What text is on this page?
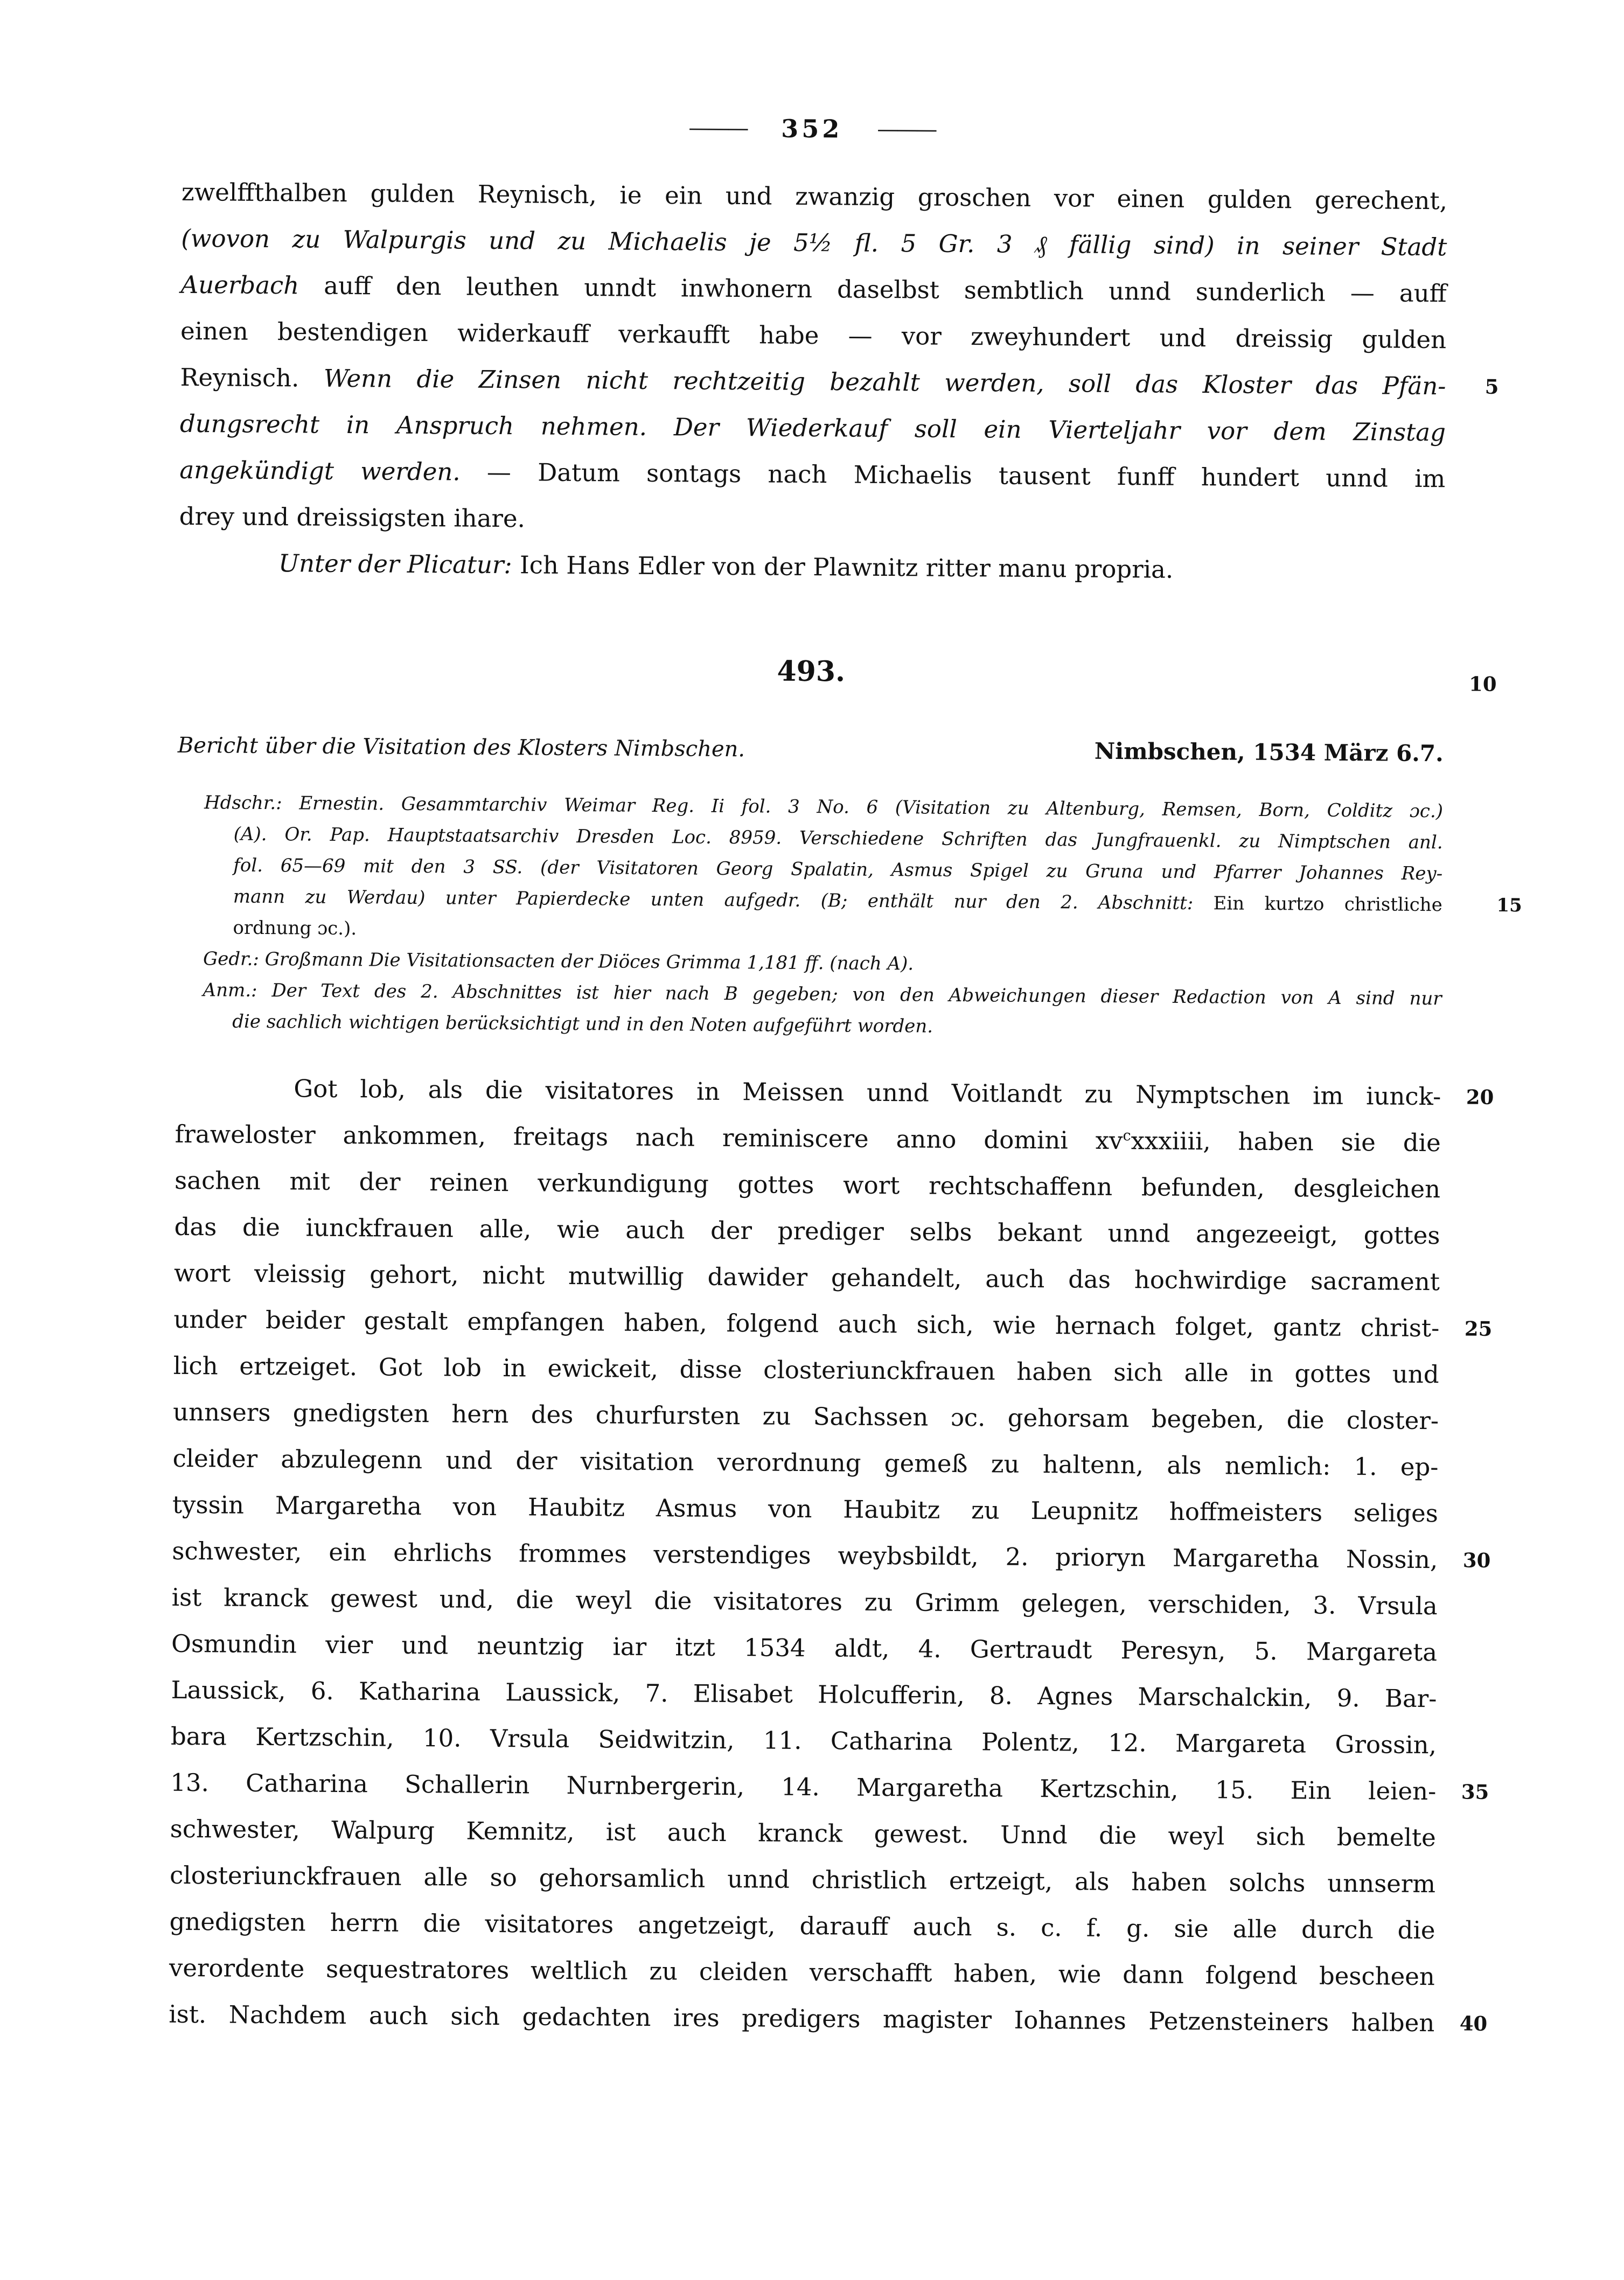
——— 352 ———
zwelffthalben gulden Reynisch, ie ein und zwanzig groschen vor einen gulden gerechent,
(wovon zu Walpurgis und zu Michaelis je 5½ fl. 5 Gr. 3 ₰ fällig sind) in seiner Stadt
Auerbach auff den leuthen unndt inwhonern daselbst sembtlich unnd sunderlich — auff
einen bestendigen widerkauff verkaufft habe — vor zweyhundert und dreissig gulden
Reynisch. Wenn die Zinsen nicht rechtzeitig bezahlt werden, soll das Kloster das Pfän- 5
dungsrecht in Anspruch nehmen. Der Wiederkauf soll ein Vierteljahr vor dem Zinstag
angekündigt werden. — Datum sontags nach Michaelis tausent funff hundert unnd im
drey und dreissigsten ihare.
Unter der Plicatur: Ich Hans Edler von der Plawnitz ritter manu propria.
493.	10
Bericht über die Visitation des Klosters Nimbschen.	Nimbschen, 1534 März 6.7.
Hdschr.: Ernestin. Gesammtarchiv Weimar Reg. Ii fol. 3 No. 6 (Visitation zu Altenburg, Remsen, Born, Colditz ɔc.)
(A). Or. Pap. Hauptstaatsarchiv Dresden Loc. 8959. Verschiedene Schriften das Jungfrauenkl. zu Nimptschen anl.
fol. 65—69 mit den 3 SS. (der Visitatoren Georg Spalatin, Asmus Spigel zu Gruna und Pfarrer Johannes Rey-
mann zu Werdau) unter Papierdecke unten aufgedr. (B; enthält nur den 2. Abschnitt: Ein kurtzo christliche	15
ordnung ɔc.).
Gedr.: Großmann Die Visitationsacten der Diöces Grimma 1,181 ff. (nach A).
Anm.: Der Text des 2. Abschnittes ist hier nach B gegeben; von den Abweichungen dieser Redaction von A sind nur
die sachlich wichtigen berücksichtigt und in den Noten aufgeführt worden.
Got lob, als die visitatores in Meissen unnd Voitlandt zu Nymptschen im iunck- 20
fraweloster ankommen, freitags nach reminiscere anno domini $xv^cxxxiiii$, haben sie die
sachen mit der reinen verkundigung gottes wort rechtschaffenn befunden, desgleichen
das die iunckfrauen alle, wie auch der prediger selbs bekant unnd angezeeigt, gottes
wort vleissig gehort, nicht mutwillig dawider gehandelt, auch das hochwirdige sacrament
under beider gestalt empfangen haben, folgend auch sich, wie hernach folget, gantz christ- 25
lich ertzeiget. Got lob in ewickeit, disse closteriunckfrauen haben sich alle in gottes und
unnsers gnedigsten hern des churfursten zu Sachssen ɔc. gehorsam begeben, die closter-
cleider abzulegenn und der visitation verordnung gemeß zu haltenn, als nemlich: 1. ep-
tyssin Margaretha von Haubitz Asmus von Haubitz zu Leupnitz hoffmeisters seliges
schwester, ein ehrlichs frommes verstendiges weybsbildt, 2. prioryn Margaretha Nossin, 30
ist kranck gewest und, die weyl die visitatores zu Grimm gelegen, verschiden, 3. Vrsula
Osmundin vier und neuntzig iar itzt 1534 aldt, 4. Gertraudt Peresyn, 5. Margareta
Laussick, 6. Katharina Laussick, 7. Elisabet Holcufferin, 8. Agnes Marschalckin, 9. Bar-
bara Kertzschin, 10. Vrsula Seidwitzin, 11. Catharina Polentz, 12. Margareta Grossin,
13. Catharina Schallerin Nurnbergerin, 14. Margaretha Kertzschin, 15. Ein leien- 35
schwester, Walpurg Kemnitz, ist auch kranck gewest. Unnd die weyl sich bemelte
closteriunckfrauen alle so gehorsamlich unnd christlich ertzeigt, als haben solchs unnserm
gnedigsten herrn die visitatores angetzeigt, darauff auch s. c. f. g. sie alle durch die
verordente sequestratores weltlich zu cleiden verschafft haben, wie dann folgend bescheen
ist. Nachdem auch sich gedachten ires predigers magister Iohannes Petzensteiners halben 40
